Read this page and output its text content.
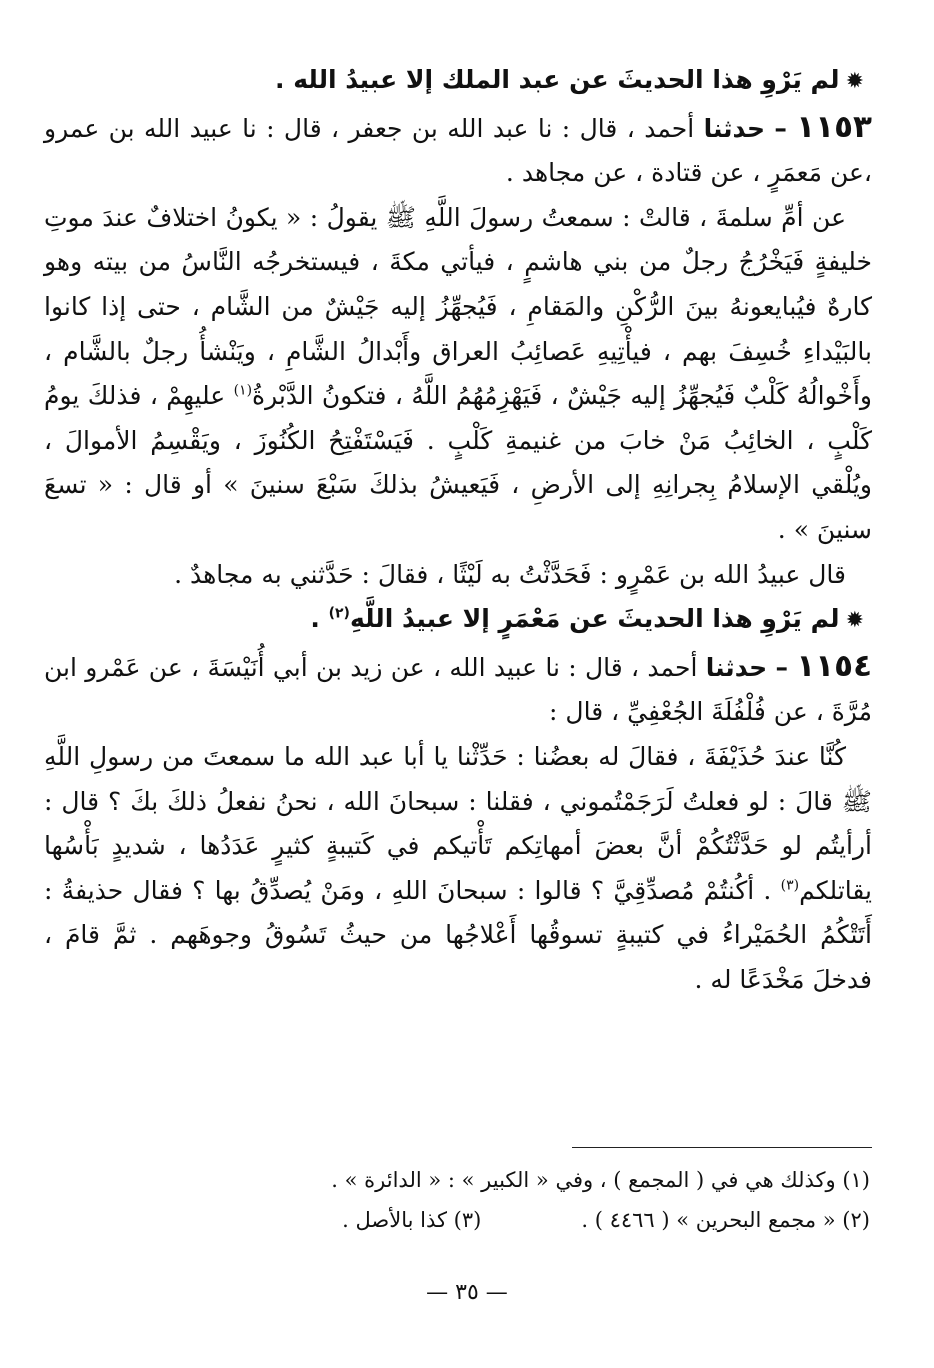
✹لم يَرْوِ هذا الحديثَ عن عبد الملك إلا عبيدُ الله .

١١٥٣ – حدثنا أحمد ، قال : نا عبد الله بن جعفر ، قال : نا عبيد الله بن عمرو ،عن مَعمَرٍ ، عن قتادة ، عن مجاهد .

عن أمِّ سلمةَ ، قالتْ : سمعتُ رسولَ اللَّهِ ﷺ يقولُ : « يكونُ اختلافٌ عندَ موتِ خليفةٍ فَيَخْرُجُ رجلٌ من بني هاشمٍ ، فيأتي مكةَ ، فيستخرجُه النَّاسُ من بيته وهو كارهٌ فيُبايعونهُ بينَ الرُّكْنِ والمَقامِ ، فَيُجهِّزُ إليه جَيْشٌ من الشَّام ، حتى إذا كانوا بالبَيْداءِ خُسِفَ بهم ، فيأْتِيهِ عَصائِبُ العراق وأَبْدالُ الشَّامِ ، ويَنْشأُ رجلٌ بالشَّام ، وأَخْوالُهُ كَلْبٌ فَيُجهِّزُ إليه جَيْشٌ ، فَيَهْزِمُهُمُ اللَّهُ ، فتكونُ الدَّبْرةُ$^{(١)}$ عليهِمْ ، فذلكَ يومُ كَلْبٍ ، الخائِبُ مَنْ خابَ من غنيمةِ كَلْبٍ . فَيَسْتَفْتِحُ الكُنُوزَ ، ويَقْسِمُ الأموالَ ، ويُلْقي الإسلامُ بِجرانِهِ إلى الأرضِ ، فَيَعيشُ بذلكَ سَبْعَ سنينَ » أو قال : « تسعَ سنينَ » .

قال عبيدُ الله بن عَمْرٍو : فَحَدَّثْتُ به لَيْثًا ، فقالَ : حَدَّثني به مجاهدٌ .

✹لم يَرْوِ هذا الحديثَ عن مَعْمَرٍ إلا عبيدُ اللَّهِ$^{(٢)}$ .

١١٥٤ – حدثنا أحمد ، قال : نا عبيد الله ، عن زيد بن أبي أُنَيْسَةَ ، عن عَمْرو ابن مُرَّةَ ، عن فُلْفُلَةَ الجُعْفِيِّ ، قال :

كُنَّا عندَ حُذَيْفَةَ ، فقالَ له بعضُنا : حَدِّثْنا يا أبا عبد الله ما سمعتَ من رسولِ اللَّهِ ﷺ قالَ : لو فعلتُ لَرَجَمْتُموني ، فقلنا : سبحانَ الله ، نحنُ نفعلُ ذلكَ بكَ ؟ قال : أرأيتُم لو حَدَّثْتُكُمْ أنَّ بعضَ أمهاتِكم تَأْتيكم في كَتيبةٍ كثيرٍ عَدَدُها ، شديدٍ بَأْسُها يقاتلكم$^{(٣)}$ . أكُنتُمْ مُصدِّقِيَّ ؟ قالوا : سبحانَ اللهِ ، ومَنْ يُصدِّقُ بها ؟ فقال حذيفةُ : أَتَتْكُمُ الحُمَيْراءُ في كتيبةٍ تسوقُها أَعْلاجُها من حيثُ تَسُوقُ وجوهَهم . ثمَّ قامَ ، فدخلَ مَخْدَعًا له .

(١) وكذلك هي في ( المجمع ) ، وفي « الكبير » : « الدائرة » .

(٢) « مجمع البحرين » ( ٤٤٦٦ ) .(٣) كذا بالأصل .

— ٣٥ —
